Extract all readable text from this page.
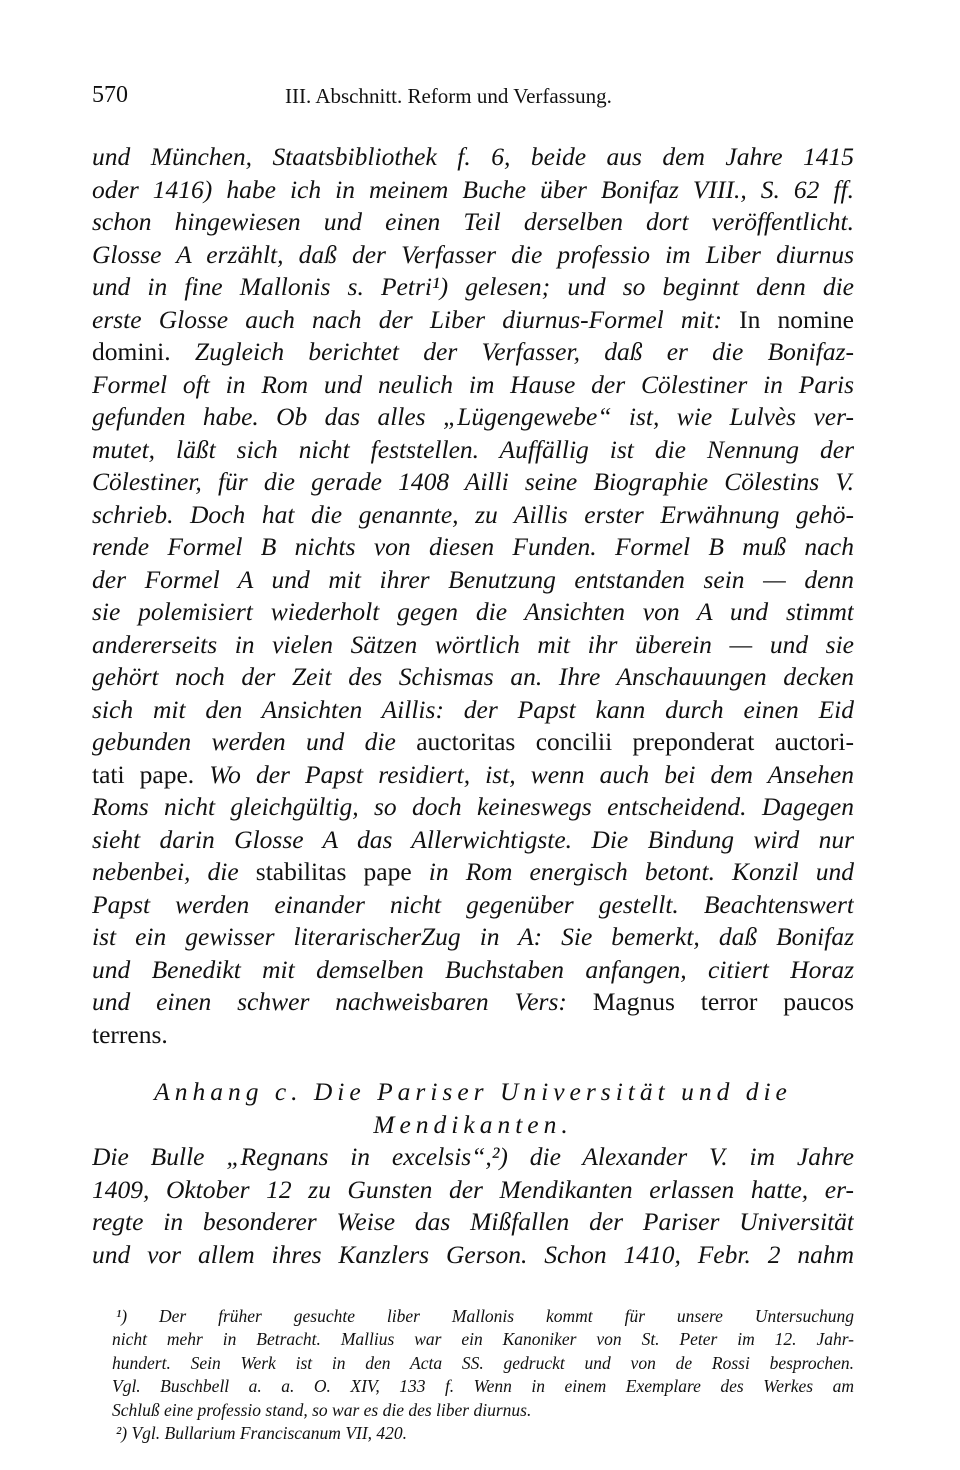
570	III. Abschnitt. Reform und Verfassung.
und München, Staatsbibliothek f. 6, beide aus dem Jahre 1415
oder 1416) habe ich in meinem Buche über Bonifaz VIII., S. 62 ff.
schon hingewiesen und einen Teil derselben dort veröffentlicht.
Glosse A erzählt, daß der Verfasser die professio im Liber diurnus
und in fine Mallonis s. Petri¹) gelesen; und so beginnt denn die
erste Glosse auch nach der Liber diurnus-Formel mit: In nomine
domini. Zugleich berichtet der Verfasser, daß er die Bonifaz-
Formel oft in Rom und neulich im Hause der Cölestiner in Paris
gefunden habe. Ob das alles „Lügengewebe“ ist, wie Lulvès ver-
mutet, läßt sich nicht feststellen. Auffällig ist die Nennung der
Cölestiner, für die gerade 1408 Ailli seine Biographie Cölestins V.
schrieb. Doch hat die genannte, zu Aillis erster Erwähnung gehö-
rende Formel B nichts von diesen Funden. Formel B muß nach
der Formel A und mit ihrer Benutzung entstanden sein — denn
sie polemisiert wiederholt gegen die Ansichten von A und stimmt
andererseits in vielen Sätzen wörtlich mit ihr überein — und sie
gehört noch der Zeit des Schismas an. Ihre Anschauungen decken
sich mit den Ansichten Aillis: der Papst kann durch einen Eid
gebunden werden und die auctoritas concilii preponderat auctori-
tati pape. Wo der Papst residiert, ist, wenn auch bei dem Ansehen
Roms nicht gleichgültig, so doch keineswegs entscheidend. Dagegen
sieht darin Glosse A das Allerwichtigste. Die Bindung wird nur
nebenbei, die stabilitas pape in Rom energisch betont. Konzil und
Papst werden einander nicht gegenüber gestellt. Beachtenswert
ist ein gewisser literarischerZug in A: Sie bemerkt, daß Bonifaz
und Benedikt mit demselben Buchstaben anfangen, citiert Horaz
und einen schwer nachweisbaren Vers: Magnus terror paucos
terrens.
Anhang c. Die Pariser Universität und die
Mendikanten.
Die Bulle „Regnans in excelsis“,²) die Alexander V. im Jahre
1409, Oktober 12 zu Gunsten der Mendikanten erlassen hatte, er-
regte in besonderer Weise das Mißfallen der Pariser Universität
und vor allem ihres Kanzlers Gerson. Schon 1410, Febr. 2 nahm
¹) Der früher gesuchte liber Mallonis kommt für unsere Untersuchung
nicht mehr in Betracht. Mallius war ein Kanoniker von St. Peter im 12. Jahr-
hundert. Sein Werk ist in den Acta SS. gedruckt und von de Rossi besprochen.
Vgl. Buschbell a. a. O. XIV, 133 f. Wenn in einem Exemplare des Werkes am
Schluß eine professio stand, so war es die des liber diurnus.
²) Vgl. Bullarium Franciscanum VII, 420.
